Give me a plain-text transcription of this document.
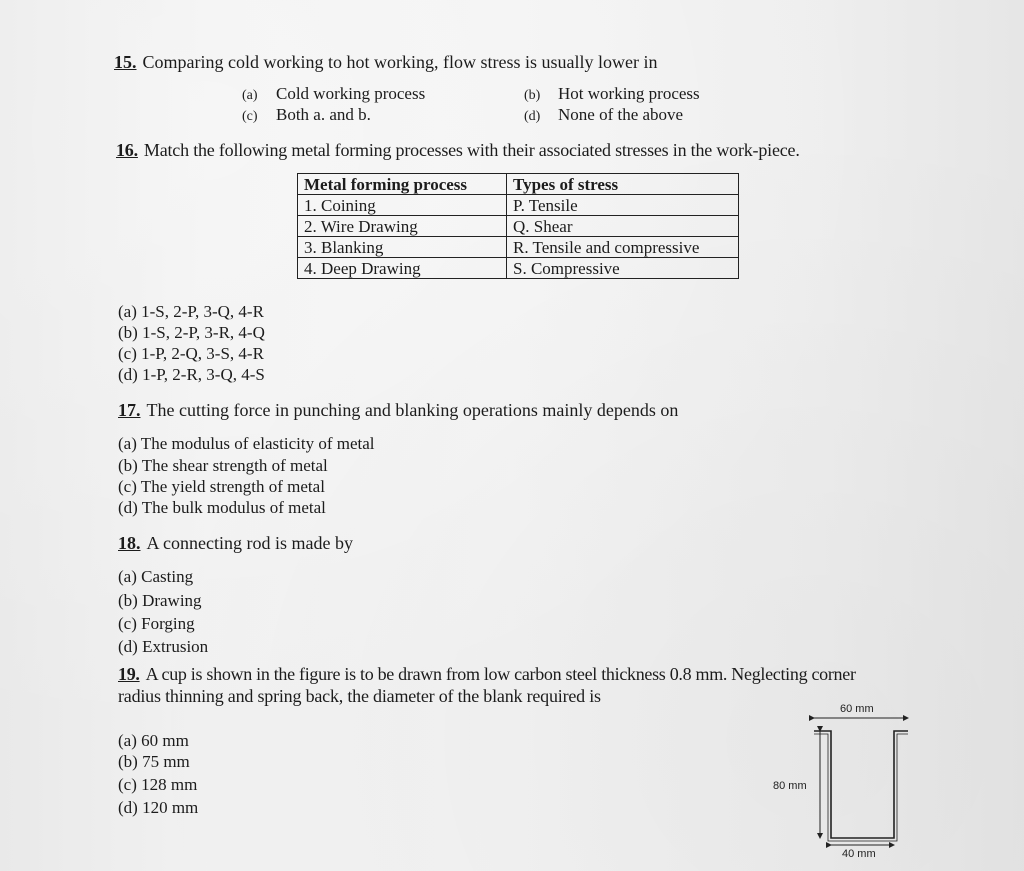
15. Comparing cold working to hot working, flow stress is usually lower in
(a) Cold working process	(b) Hot working process
(c) Both a. and b.	(d) None of the above
16. Match the following metal forming processes with their associated stresses in the work-piece.
Metal forming process	Types of stress
1. Coining	P. Tensile
2. Wire Drawing	Q. Shear
3. Blanking	R. Tensile and compressive
4. Deep Drawing	S. Compressive
(a) 1-S, 2-P, 3-Q, 4-R
(b) 1-S, 2-P, 3-R, 4-Q
(c) 1-P, 2-Q, 3-S, 4-R
(d) 1-P, 2-R, 3-Q, 4-S
17. The cutting force in punching and blanking operations mainly depends on
(a) The modulus of elasticity of metal
(b) The shear strength of metal
(c) The yield strength of metal
(d) The bulk modulus of metal
18. A connecting rod is made by
(a) Casting
(b) Drawing
(c) Forging
(d) Extrusion
19. A cup is shown in the figure is to be drawn from low carbon steel thickness 0.8 mm. Neglecting corner
radius thinning and spring back, the diameter of the blank required is
(a) 60 mm
(b) 75 mm
(c) 128 mm
(d) 120 mm
60 mm
80 mm
40 mm
